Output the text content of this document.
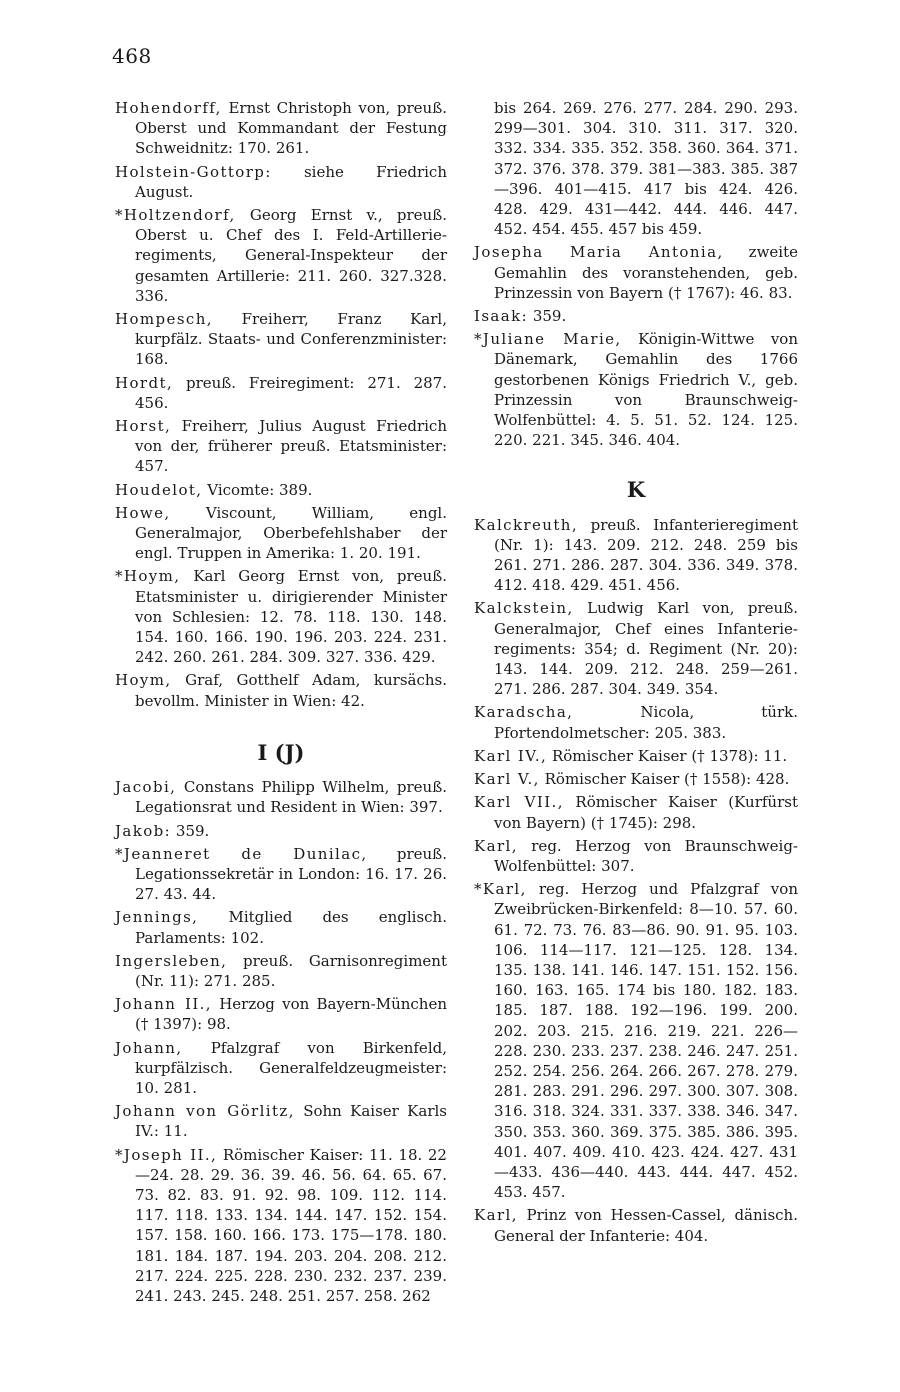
468

Hohendorff, Ernst Christoph von, preuß. Oberst und Kommandant der Festung Schweidnitz: 170. 261.

Holstein-Gottorp: siehe Friedrich August.

*Holtzendorf, Georg Ernst v., preuß. Oberst u. Chef des I. Feld-Artillerie-regiments, General-Inspekteur der gesamten Artillerie: 211. 260. 327.328. 336.

Hompesch, Freiherr, Franz Karl, kurpfälz. Staats- und Conferenzminister: 168.

Hordt, preuß. Freiregiment: 271. 287. 456.

Horst, Freiherr, Julius August Friedrich von der, früherer preuß. Etatsminister: 457.

Houdelot, Vicomte: 389.

Howe, Viscount, William, engl. Generalmajor, Oberbefehlshaber der engl. Truppen in Amerika: 1. 20. 191.

*Hoym, Karl Georg Ernst von, preuß. Etatsminister u. dirigierender Minister von Schlesien: 12. 78. 118. 130. 148. 154. 160. 166. 190. 196. 203. 224. 231. 242. 260. 261. 284. 309. 327. 336. 429.

Hoym, Graf, Gotthelf Adam, kursächs. bevollm. Minister in Wien: 42.

I (J)

Jacobi, Constans Philipp Wilhelm, preuß. Legationsrat und Resident in Wien: 397.

Jakob: 359.

*Jeanneret de Dunilac, preuß. Legationssekretär in London: 16. 17. 26. 27. 43. 44.

Jennings, Mitglied des englisch. Parlaments: 102.

Ingersleben, preuß. Garnisonregiment (Nr. 11): 271. 285.

Johann II., Herzog von Bayern-München († 1397): 98.

Johann, Pfalzgraf von Birkenfeld, kurpfälzisch. Generalfeldzeugmeister: 10. 281.

Johann von Görlitz, Sohn Kaiser Karls IV.: 11.

*Joseph II., Römischer Kaiser: 11. 18. 22—24. 28. 29. 36. 39. 46. 56. 64. 65. 67. 73. 82. 83. 91. 92. 98. 109. 112. 114. 117. 118. 133. 134. 144. 147. 152. 154. 157. 158. 160. 166. 173. 175—178. 180. 181. 184. 187. 194. 203. 204. 208. 212. 217. 224. 225. 228. 230. 232. 237. 239. 241. 243. 245. 248. 251. 257. 258. 262

bis 264. 269. 276. 277. 284. 290. 293. 299—301. 304. 310. 311. 317. 320. 332. 334. 335. 352. 358. 360. 364. 371. 372. 376. 378. 379. 381—383. 385. 387—396. 401—415. 417 bis 424. 426. 428. 429. 431—442. 444. 446. 447. 452. 454. 455. 457 bis 459.

Josepha Maria Antonia, zweite Gemahlin des voranstehenden, geb. Prinzessin von Bayern († 1767): 46. 83.

Isaak: 359.

*Juliane Marie, Königin-Wittwe von Dänemark, Gemahlin des 1766 gestorbenen Königs Friedrich V., geb. Prinzessin von Braunschweig-Wolfenbüttel: 4. 5. 51. 52. 124. 125. 220. 221. 345. 346. 404.

K

Kalckreuth, preuß. Infanterieregiment (Nr. 1): 143. 209. 212. 248. 259 bis 261. 271. 286. 287. 304. 336. 349. 378. 412. 418. 429. 451. 456.

Kalckstein, Ludwig Karl von, preuß. Generalmajor, Chef eines Infanterie-regiments: 354; d. Regiment (Nr. 20): 143. 144. 209. 212. 248. 259—261. 271. 286. 287. 304. 349. 354.

Karadscha,	Nicola, türk. Pfortendolmetscher: 205. 383.

Karl IV., Römischer Kaiser († 1378): 11.

Karl V., Römischer Kaiser († 1558): 428.

Karl VII., Römischer Kaiser (Kurfürst von Bayern) († 1745): 298.

Karl, reg. Herzog von Braunschweig-Wolfenbüttel: 307.

*Karl, reg. Herzog und Pfalzgraf von Zweibrücken-Birkenfeld: 8—10. 57. 60. 61. 72. 73. 76. 83—86. 90. 91. 95. 103. 106. 114—117. 121—125. 128. 134. 135. 138. 141. 146. 147. 151. 152. 156. 160. 163. 165. 174 bis 180. 182. 183. 185. 187. 188. 192—196. 199. 200. 202. 203. 215. 216. 219. 221. 226—228. 230. 233. 237. 238. 246. 247. 251. 252. 254. 256. 264. 266. 267. 278. 279. 281. 283. 291. 296. 297. 300. 307. 308. 316. 318. 324. 331. 337. 338. 346. 347. 350. 353. 360. 369. 375. 385. 386. 395. 401. 407. 409. 410. 423. 424. 427. 431—433. 436—440. 443. 444. 447. 452. 453. 457.

Karl, Prinz von Hessen-Cassel, dänisch. General der Infanterie: 404.
